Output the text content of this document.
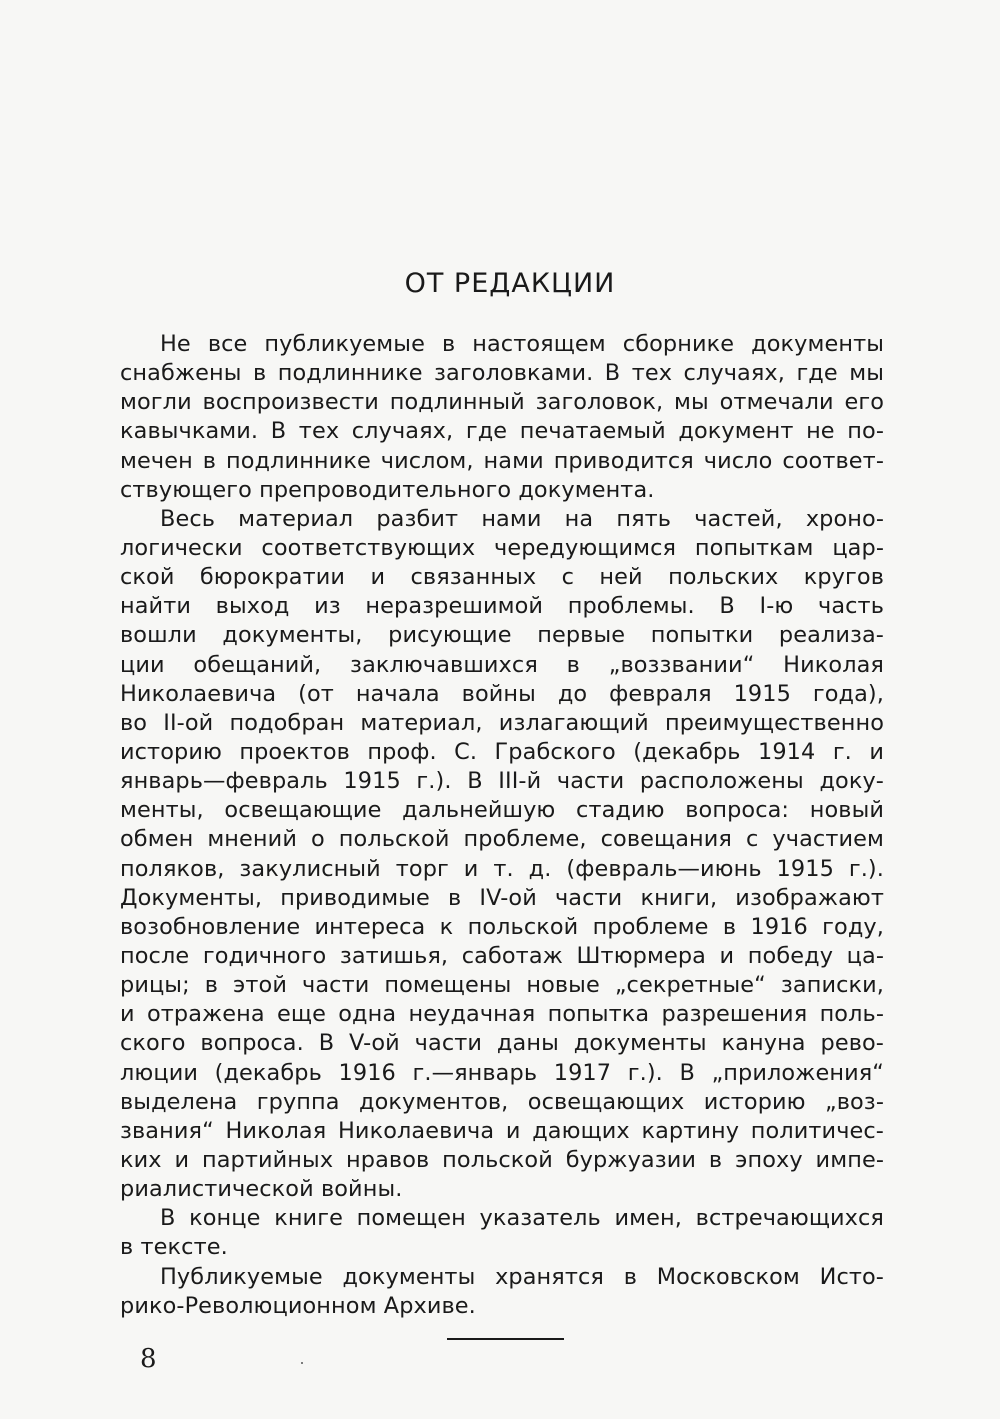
ОТ РЕДАКЦИИ
Не все публикуемые в настоящем сборнике документы
снабжены в подлиннике заголовками. В тех случаях, где мы
могли воспроизвести подлинный заголовок, мы отмечали его
кавычками. В тех случаях, где печатаемый документ не по-
мечен в подлиннике числом, нами приводится число соответ-
ствующего препроводительного документа.
Весь материал разбит нами на пять частей, хроно-
логически соответствующих чередующимся попыткам цар-
ской бюрократии и связанных с ней польских кругов
найти выход из неразрешимой проблемы. В I-ю часть
вошли документы, рисующие первые попытки реализа-
ции обещаний, заключавшихся в „воззвании“ Николая
Николаевича (от начала войны до февраля 1915 года),
во II-ой подобран материал, излагающий преимущественно
историю проектов проф. С. Грабского (декабрь 1914 г. и
январь—февраль 1915 г.). В III-й части расположены доку-
менты, освещающие дальнейшую стадию вопроса: новый
обмен мнений о польской проблеме, совещания с участием
поляков, закулисный торг и т. д. (февраль—июнь 1915 г.).
Документы, приводимые в IV-ой части книги, изображают
возобновление интереса к польской проблеме в 1916 году,
после годичного затишья, саботаж Штюрмера и победу ца-
рицы; в этой части помещены новые „секретные“ записки,
и отражена еще одна неудачная попытка разрешения поль-
ского вопроса. В V-ой части даны документы кануна рево-
люции (декабрь 1916 г.—январь 1917 г.). В „приложения“
выделена группа документов, освещающих историю „воз-
звания“ Николая Николаевича и дающих картину политичес-
ких и партийных нравов польской буржуазии в эпоху импе-
риалистической войны.
В конце книге помещен указатель имен, встречающихся
в тексте.
Публикуемые документы хранятся в Московском Исто-
рико-Революционном Архиве.
8
